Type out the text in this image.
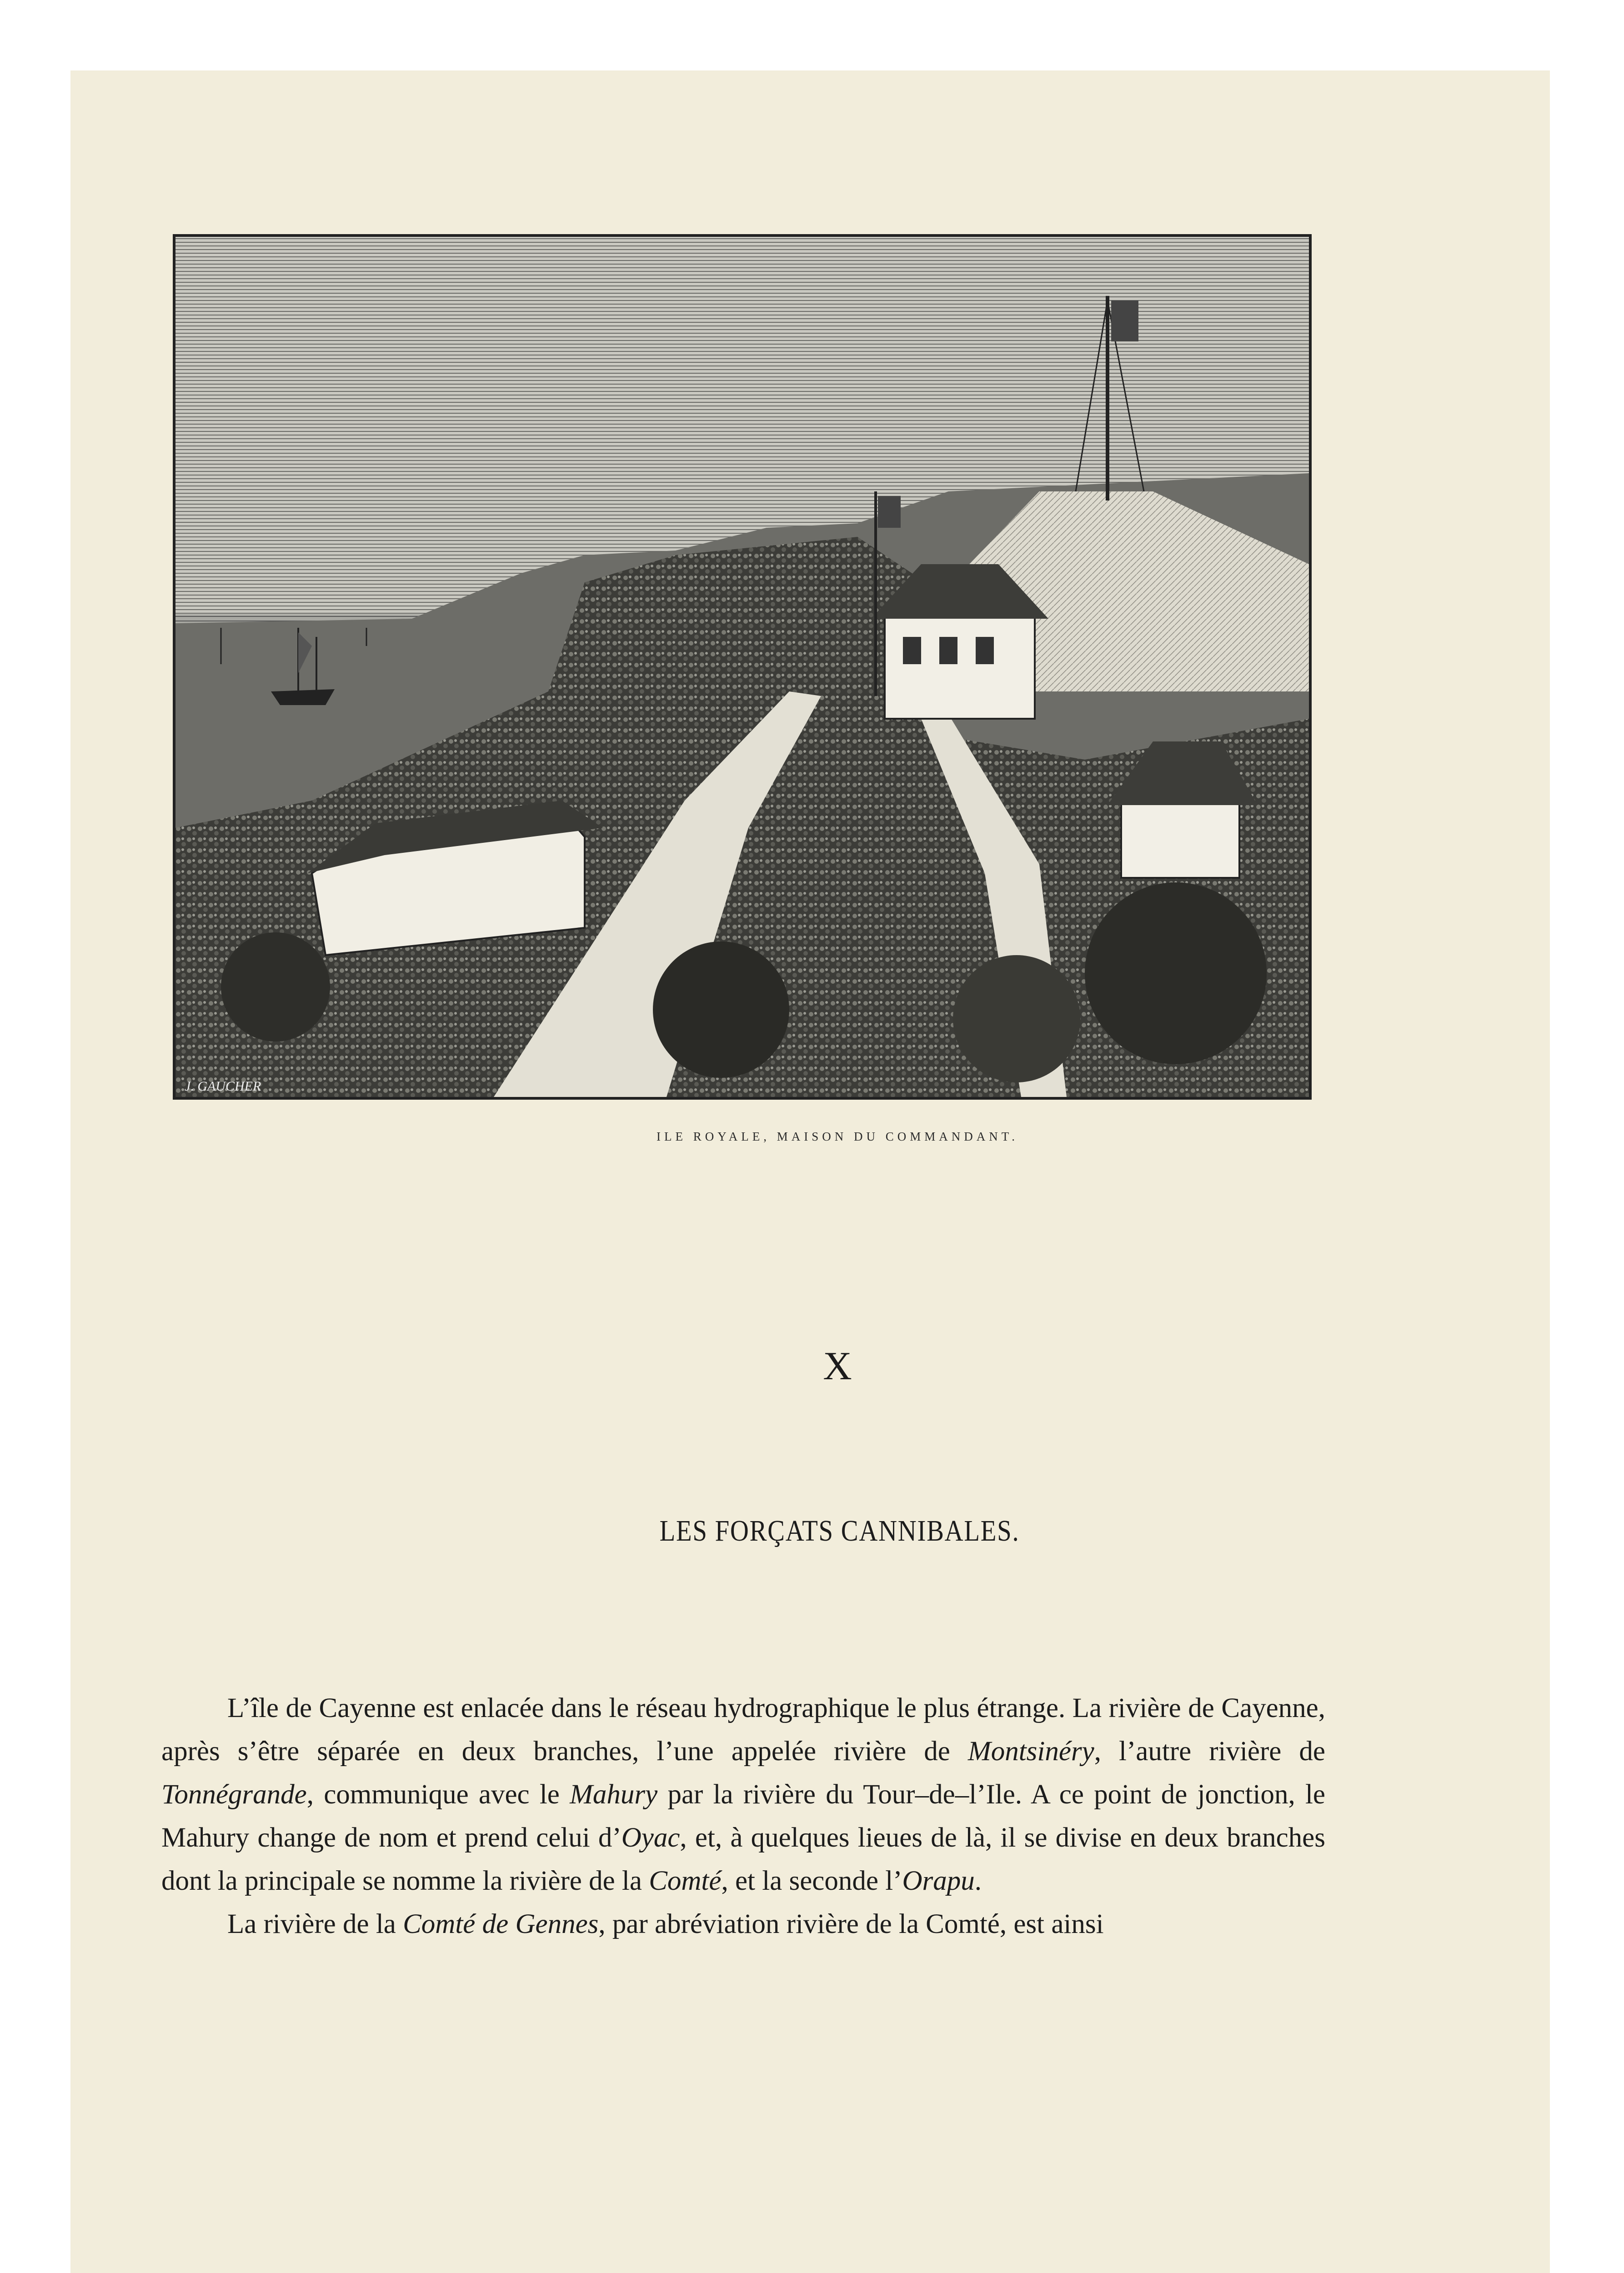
J. GAUCHER
ILE ROYALE, MAISON DU COMMANDANT.
X
LES FORÇATS CANNIBALES.

L’île de Cayenne est enlacée dans le réseau hydrographique le plus étrange. La rivière de Cayenne, après s’être séparée en deux branches, l’une appelée rivière de Montsinéry, l’autre rivière de Tonnégrande, communique avec le Mahury par la rivière du Tour–de–l’Ile. A ce point de jonction, le Mahury change de nom et prend celui d’Oyac, et, à quelques lieues de là, il se divise en deux branches dont la principale se nomme la rivière de la Comté, et la seconde l’Orapu.

La rivière de la Comté de Gennes, par abréviation rivière de la Comté, est ainsi
